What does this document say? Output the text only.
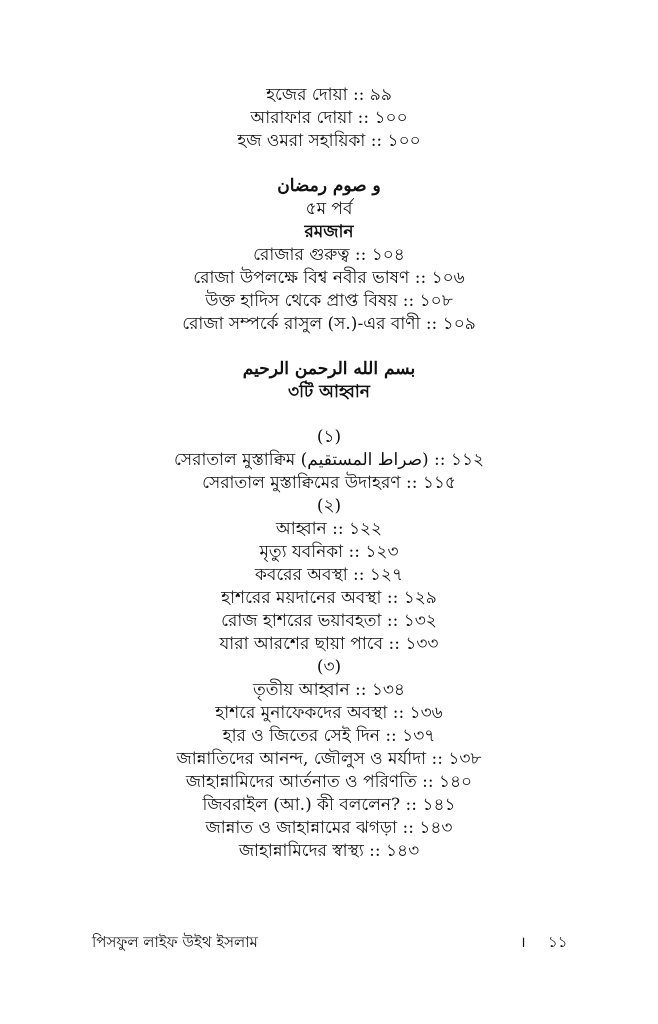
হজের দোয়া :: ৯৯
আরাফার দোয়া :: ১০০
হজ ওমরা সহায়িকা :: ১০০
و صوم رمضان
৫ম পর্ব
রমজান
রোজার গুরুত্ব :: ১০৪
রোজা উপলক্ষে বিশ্ব নবীর ভাষণ :: ১০৬
উক্ত হাদিস থেকে প্রাপ্ত বিষয় :: ১০৮
রোজা সম্পর্কে রাসুল (স.)-এর বাণী :: ১০৯
بسم الله الرحمن الرحيم
৩টি আহ্বান
(১)
সেরাতাল মুস্তাক্বিম (صراط المستقيم) :: ১১২
সেরাতাল মুস্তাক্বিমের উদাহরণ :: ১১৫
(২)
আহ্বান :: ১২২
মৃত্যু যবনিকা :: ১২৩
কবরের অবস্থা :: ১২৭
হাশরের ময়দানের অবস্থা :: ১২৯
রোজ হাশরের ভয়াবহতা :: ১৩২
যারা আরশের ছায়া পাবে :: ১৩৩
(৩)
তৃতীয় আহ্বান :: ১৩৪
হাশরে মুনাফেকদের অবস্থা :: ১৩৬
হার ও জিতের সেই দিন :: ১৩৭
জান্নাতিদের আনন্দ, জৌলুস ও মর্যাদা :: ১৩৮
জাহান্নামিদের আর্তনাত ও পরিণতি :: ১৪০
জিবরাইল (আ.) কী বললেন? :: ১৪১
জান্নাত ও জাহান্নামের ঝগড়া :: ১৪৩
জাহান্নামিদের স্বাস্থ্য :: ১৪৩
পিসফুল লাইফ উইথ ইসলাম	। ১১
